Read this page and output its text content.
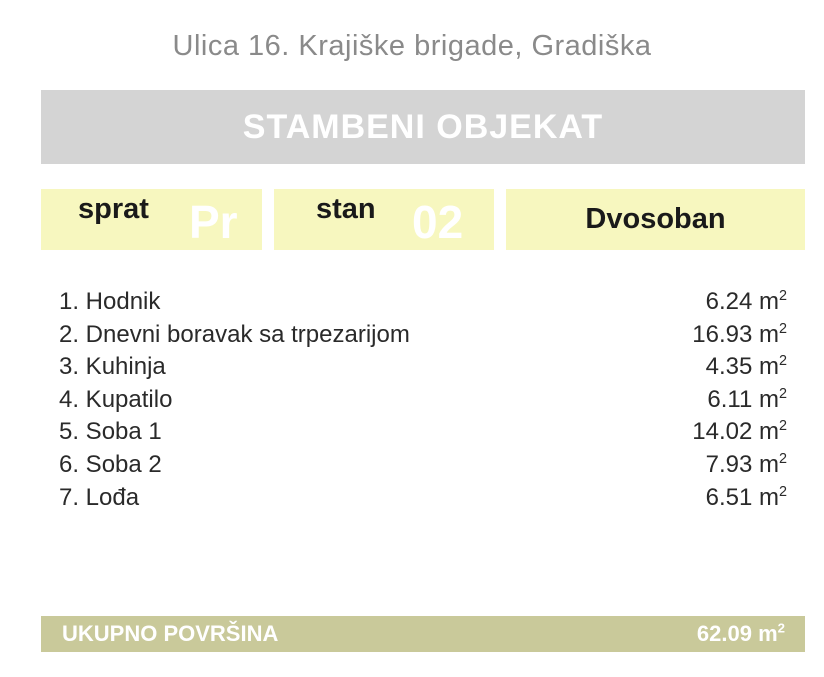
Ulica 16. Krajiške brigade, Gradiška
STAMBENI OBJEKAT
sprat Pr	stan 02	Dvosoban
1. Hodnik	6.24 $m^2$
2. Dnevni boravak sa trpezarijom	16.93 $m^2$
3. Kuhinja	4.35 $m^2$
4. Kupatilo	6.11 $m^2$
5. Soba 1	14.02 $m^2$
6. Soba 2	7.93 $m^2$
7. Lođa	6.51 $m^2$
UKUPNO POVRŠINA	62.09 $m^2$
